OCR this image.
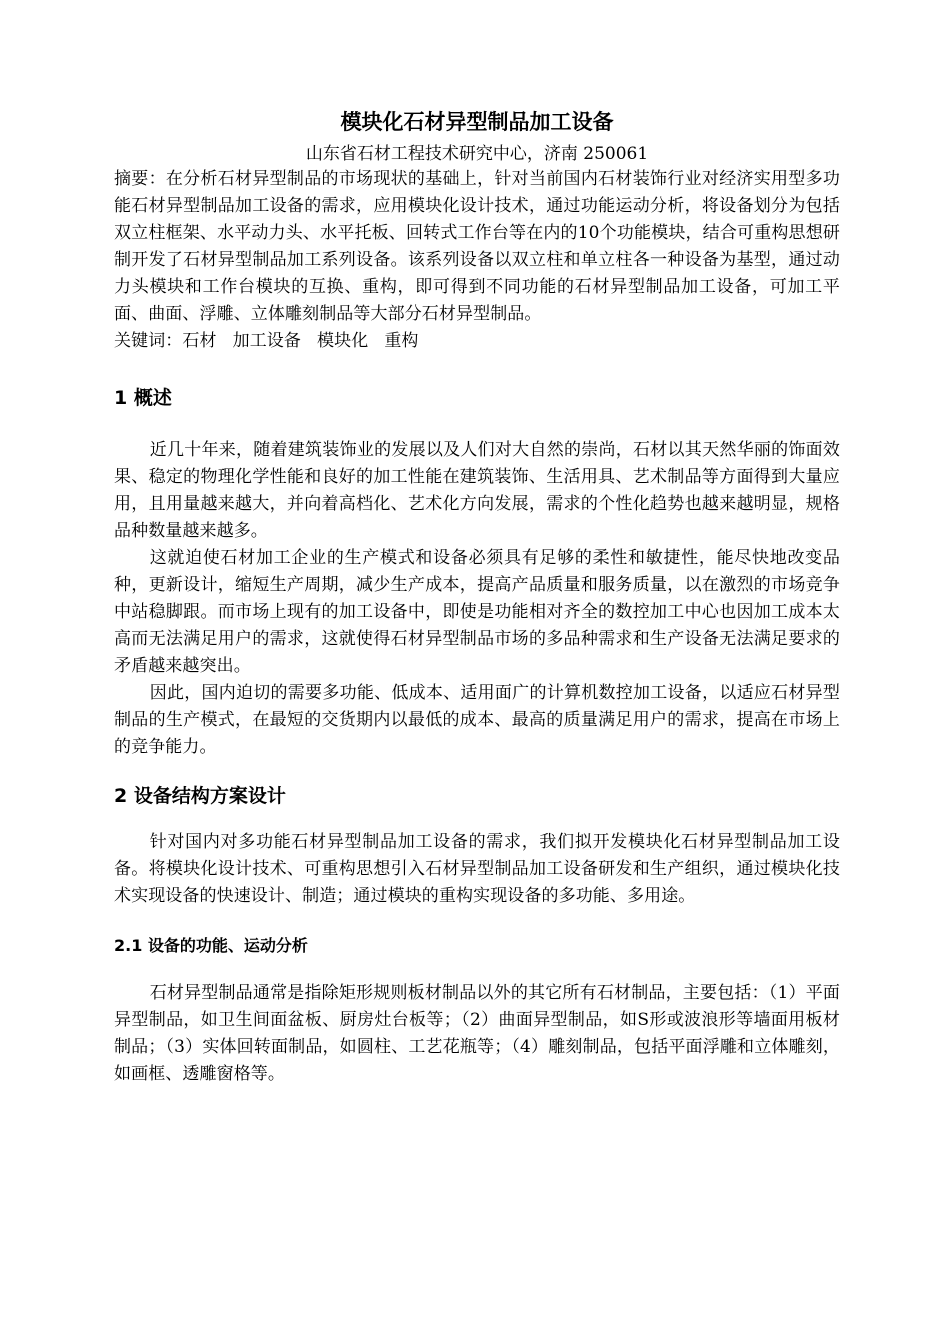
模块化石材异型制品加工设备

山东省石材工程技术研究中心，济南 250061

摘要：在分析石材异型制品的市场现状的基础上，针对当前国内石材装饰行业对经济实用型多功能石材异型制品加工设备的需求，应用模块化设计技术，通过功能运动分析，将设备划分为包括双立柱框架、水平动力头、水平托板、回转式工作台等在内的10个功能模块，结合可重构思想研制开发了石材异型制品加工系列设备。该系列设备以双立柱和单立柱各一种设备为基型，通过动力头模块和工作台模块的互换、重构，即可得到不同功能的石材异型制品加工设备，可加工平面、曲面、浮雕、立体雕刻制品等大部分石材异型制品。

关键词：石材 加工设备 模块化 重构

1 概述

近几十年来，随着建筑装饰业的发展以及人们对大自然的崇尚，石材以其天然华丽的饰面效果、稳定的物理化学性能和良好的加工性能在建筑装饰、生活用具、艺术制品等方面得到大量应用，且用量越来越大，并向着高档化、艺术化方向发展，需求的个性化趋势也越来越明显，规格品种数量越来越多。

这就迫使石材加工企业的生产模式和设备必须具有足够的柔性和敏捷性，能尽快地改变品种，更新设计，缩短生产周期，减少生产成本，提高产品质量和服务质量，以在激烈的市场竞争中站稳脚跟。而市场上现有的加工设备中，即使是功能相对齐全的数控加工中心也因加工成本太高而无法满足用户的需求，这就使得石材异型制品市场的多品种需求和生产设备无法满足要求的矛盾越来越突出。

因此，国内迫切的需要多功能、低成本、适用面广的计算机数控加工设备，以适应石材异型制品的生产模式，在最短的交货期内以最低的成本、最高的质量满足用户的需求，提高在市场上的竞争能力。

2 设备结构方案设计

针对国内对多功能石材异型制品加工设备的需求，我们拟开发模块化石材异型制品加工设备。将模块化设计技术、可重构思想引入石材异型制品加工设备研发和生产组织，通过模块化技术实现设备的快速设计、制造；通过模块的重构实现设备的多功能、多用途。

2.1 设备的功能、运动分析

石材异型制品通常是指除矩形规则板材制品以外的其它所有石材制品，主要包括：（1）平面异型制品，如卫生间面盆板、厨房灶台板等；（2）曲面异型制品，如S形或波浪形等墙面用板材制品；（3）实体回转面制品，如圆柱、工艺花瓶等；（4）雕刻制品，包括平面浮雕和立体雕刻，如画框、透雕窗格等。
